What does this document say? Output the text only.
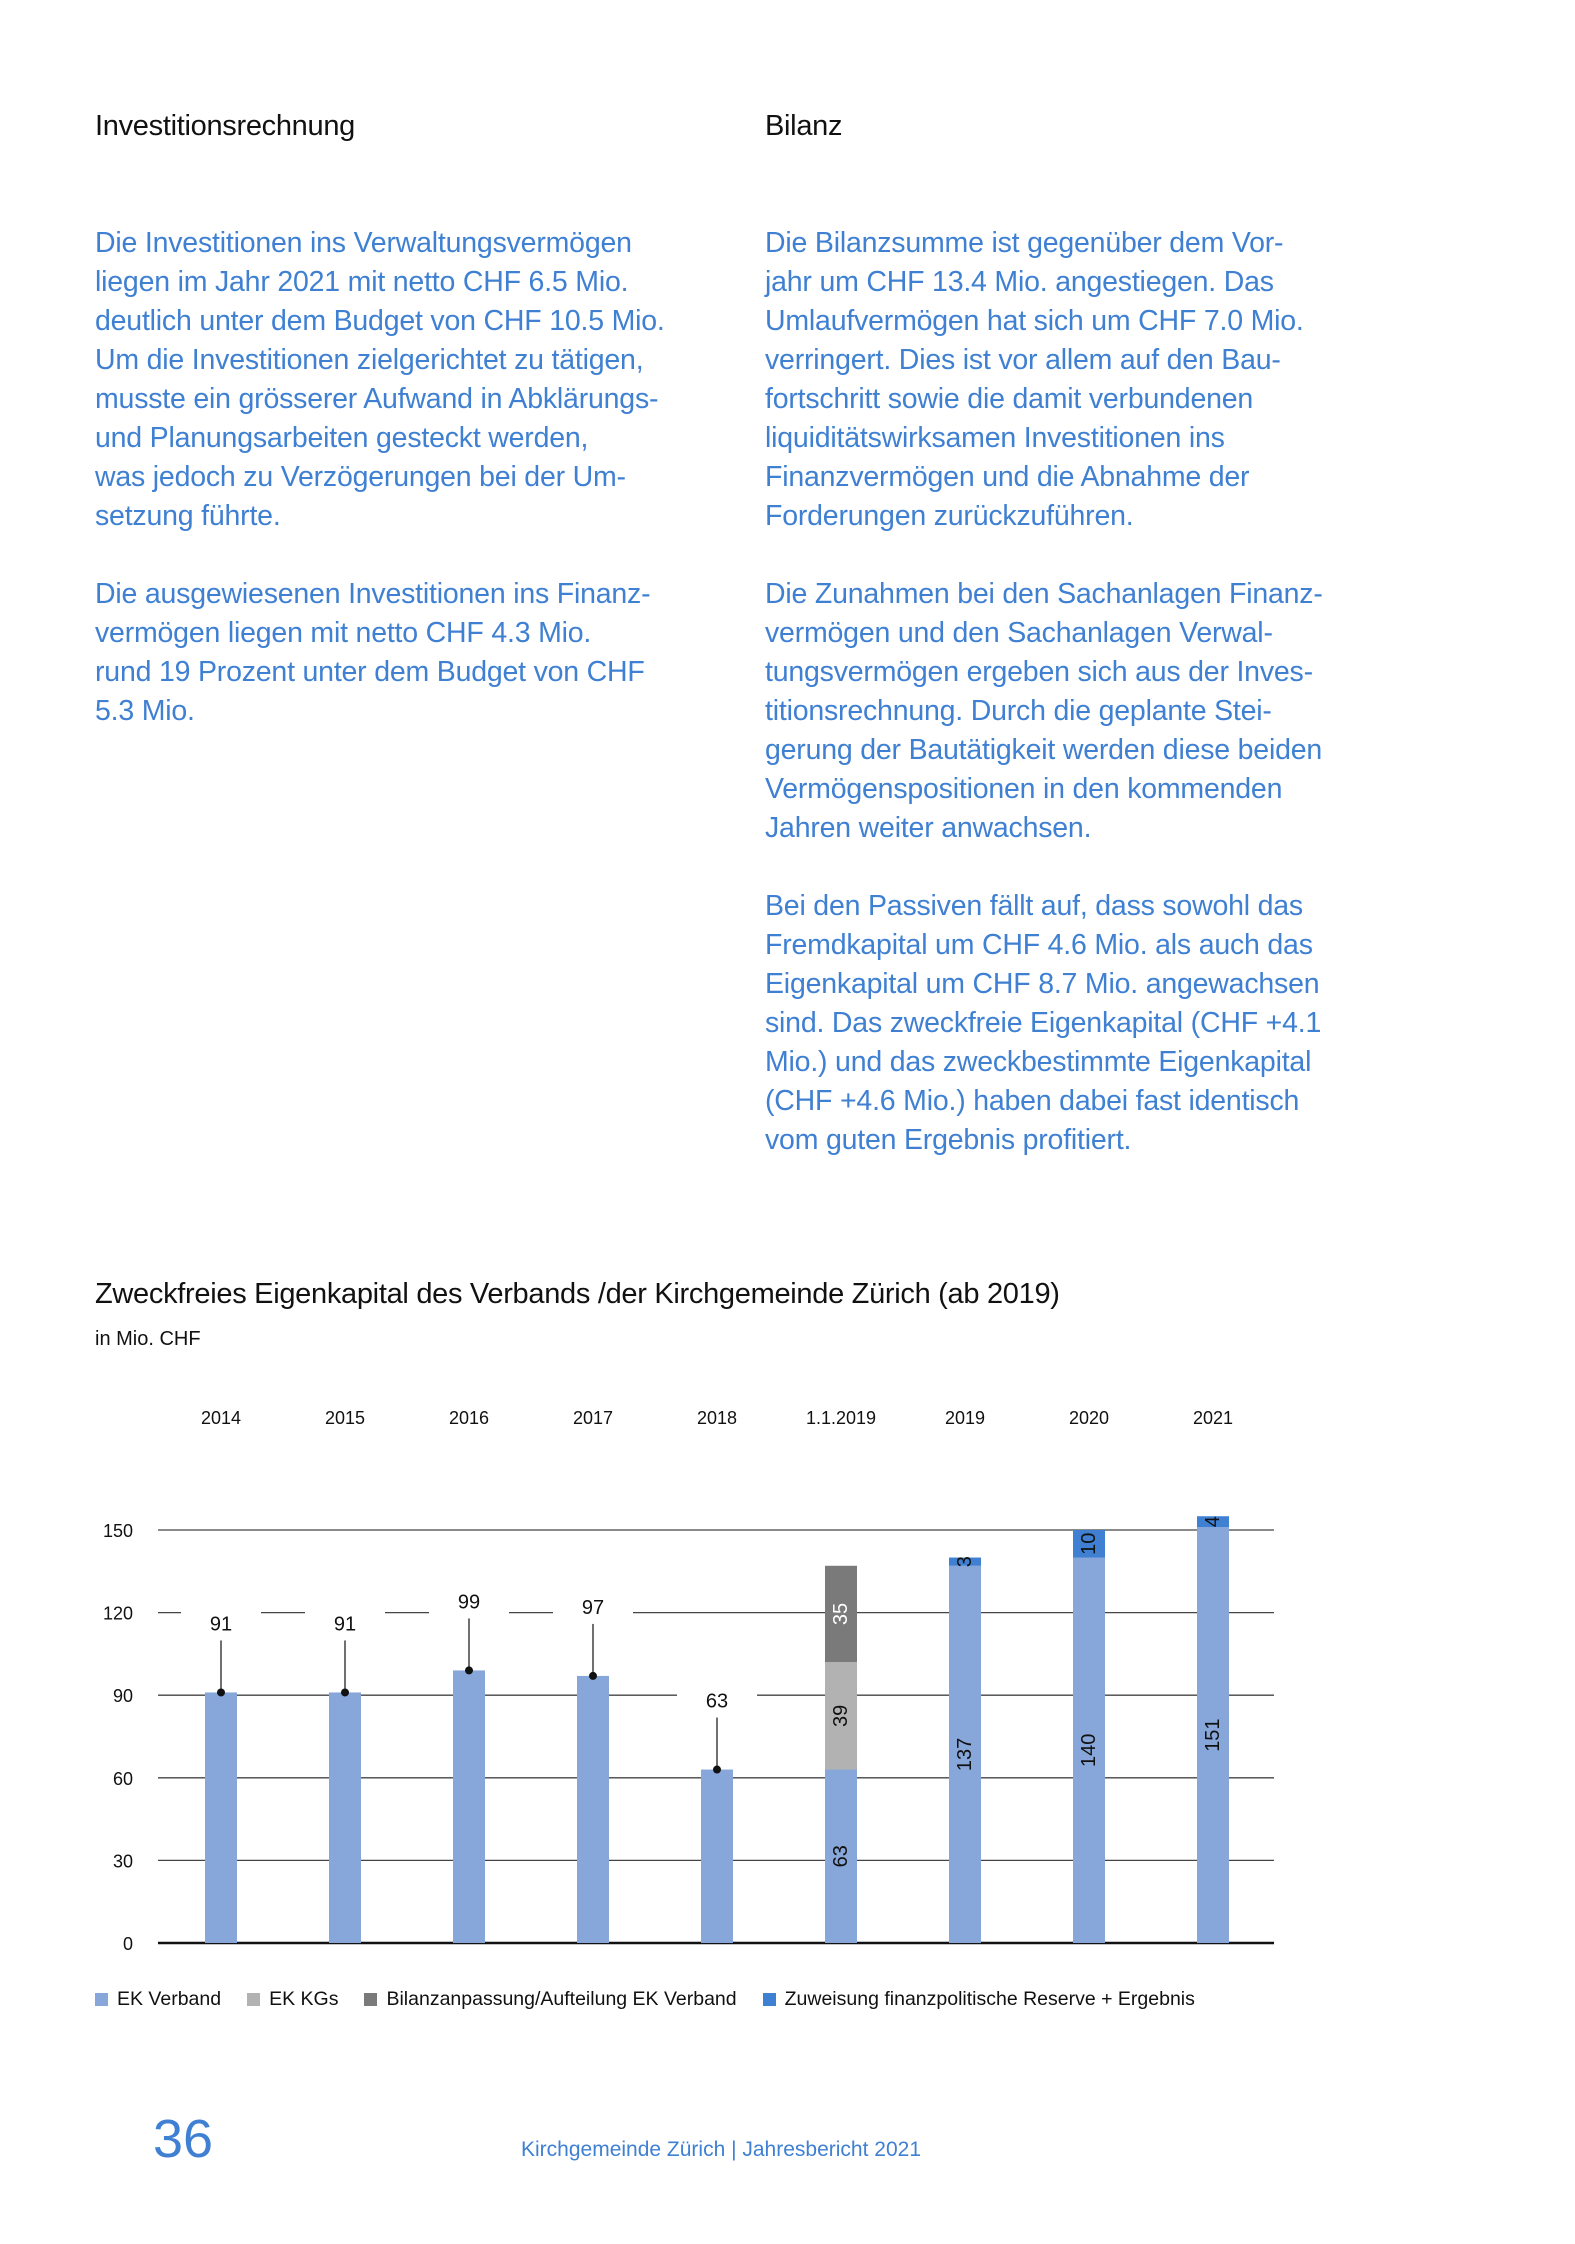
Investitionsrechnung	Bilanz

Die Investitionen ins Verwaltungsvermögen
liegen im Jahr 2021 mit netto CHF 6.5 Mio.
deutlich unter dem Budget von CHF 10.5 Mio.
Um die Investitionen zielgerichtet zu tätigen,
musste ein grösserer Aufwand in Abklärungs-
und Planungsarbeiten gesteckt werden,
was jedoch zu Verzögerungen bei der Um-
setzung führte.

Die ausgewiesenen Investitionen ins Finanz-
vermögen liegen mit netto CHF 4.3 Mio.
rund 19 Prozent unter dem Budget von CHF
5.3 Mio.

Die Bilanzsumme ist gegenüber dem Vor-
jahr um CHF 13.4 Mio. angestiegen. Das
Umlaufvermögen hat sich um CHF 7.0 Mio.
verringert. Dies ist vor allem auf den Bau-
fortschritt sowie die damit verbundenen
liquiditätswirksamen Investitionen ins
Finanzvermögen und die Abnahme der
Forderungen zurückzuführen.

Die Zunahmen bei den Sachanlagen Finanz-
vermögen und den Sachanlagen Verwal-
tungsvermögen ergeben sich aus der Inves-
titionsrechnung. Durch die geplante Stei-
gerung der Bautätigkeit werden diese beiden
Vermögenspositionen in den kommenden
Jahren weiter anwachsen.

Bei den Passiven fällt auf, dass sowohl das
Fremdkapital um CHF 4.6 Mio. als auch das
Eigenkapital um CHF 8.7 Mio. angewachsen
sind. Das zweckfreie Eigenkapital (CHF +4.1
Mio.) und das zweckbestimmte Eigenkapital
(CHF +4.6 Mio.) haben dabei fast identisch
vom guten Ergebnis profitiert.

Zweckfreies Eigenkapital des Verbands /der Kirchgemeinde Zürich (ab 2019)
in Mio. CHF
0
30
60
90
120
150
2014	2015	2016	2017	2018	1.1.2019	2019	2020	2021
91	91
99	97
63
63
39
35
137
3
140
10
151
4
EK Verband EK KGs Bilanzanpassung/Aufteilung EK Verband Zuweisung finanzpolitische Reserve + Ergebnis
36	Kirchgemeinde Zürich | Jahresbericht 2021
